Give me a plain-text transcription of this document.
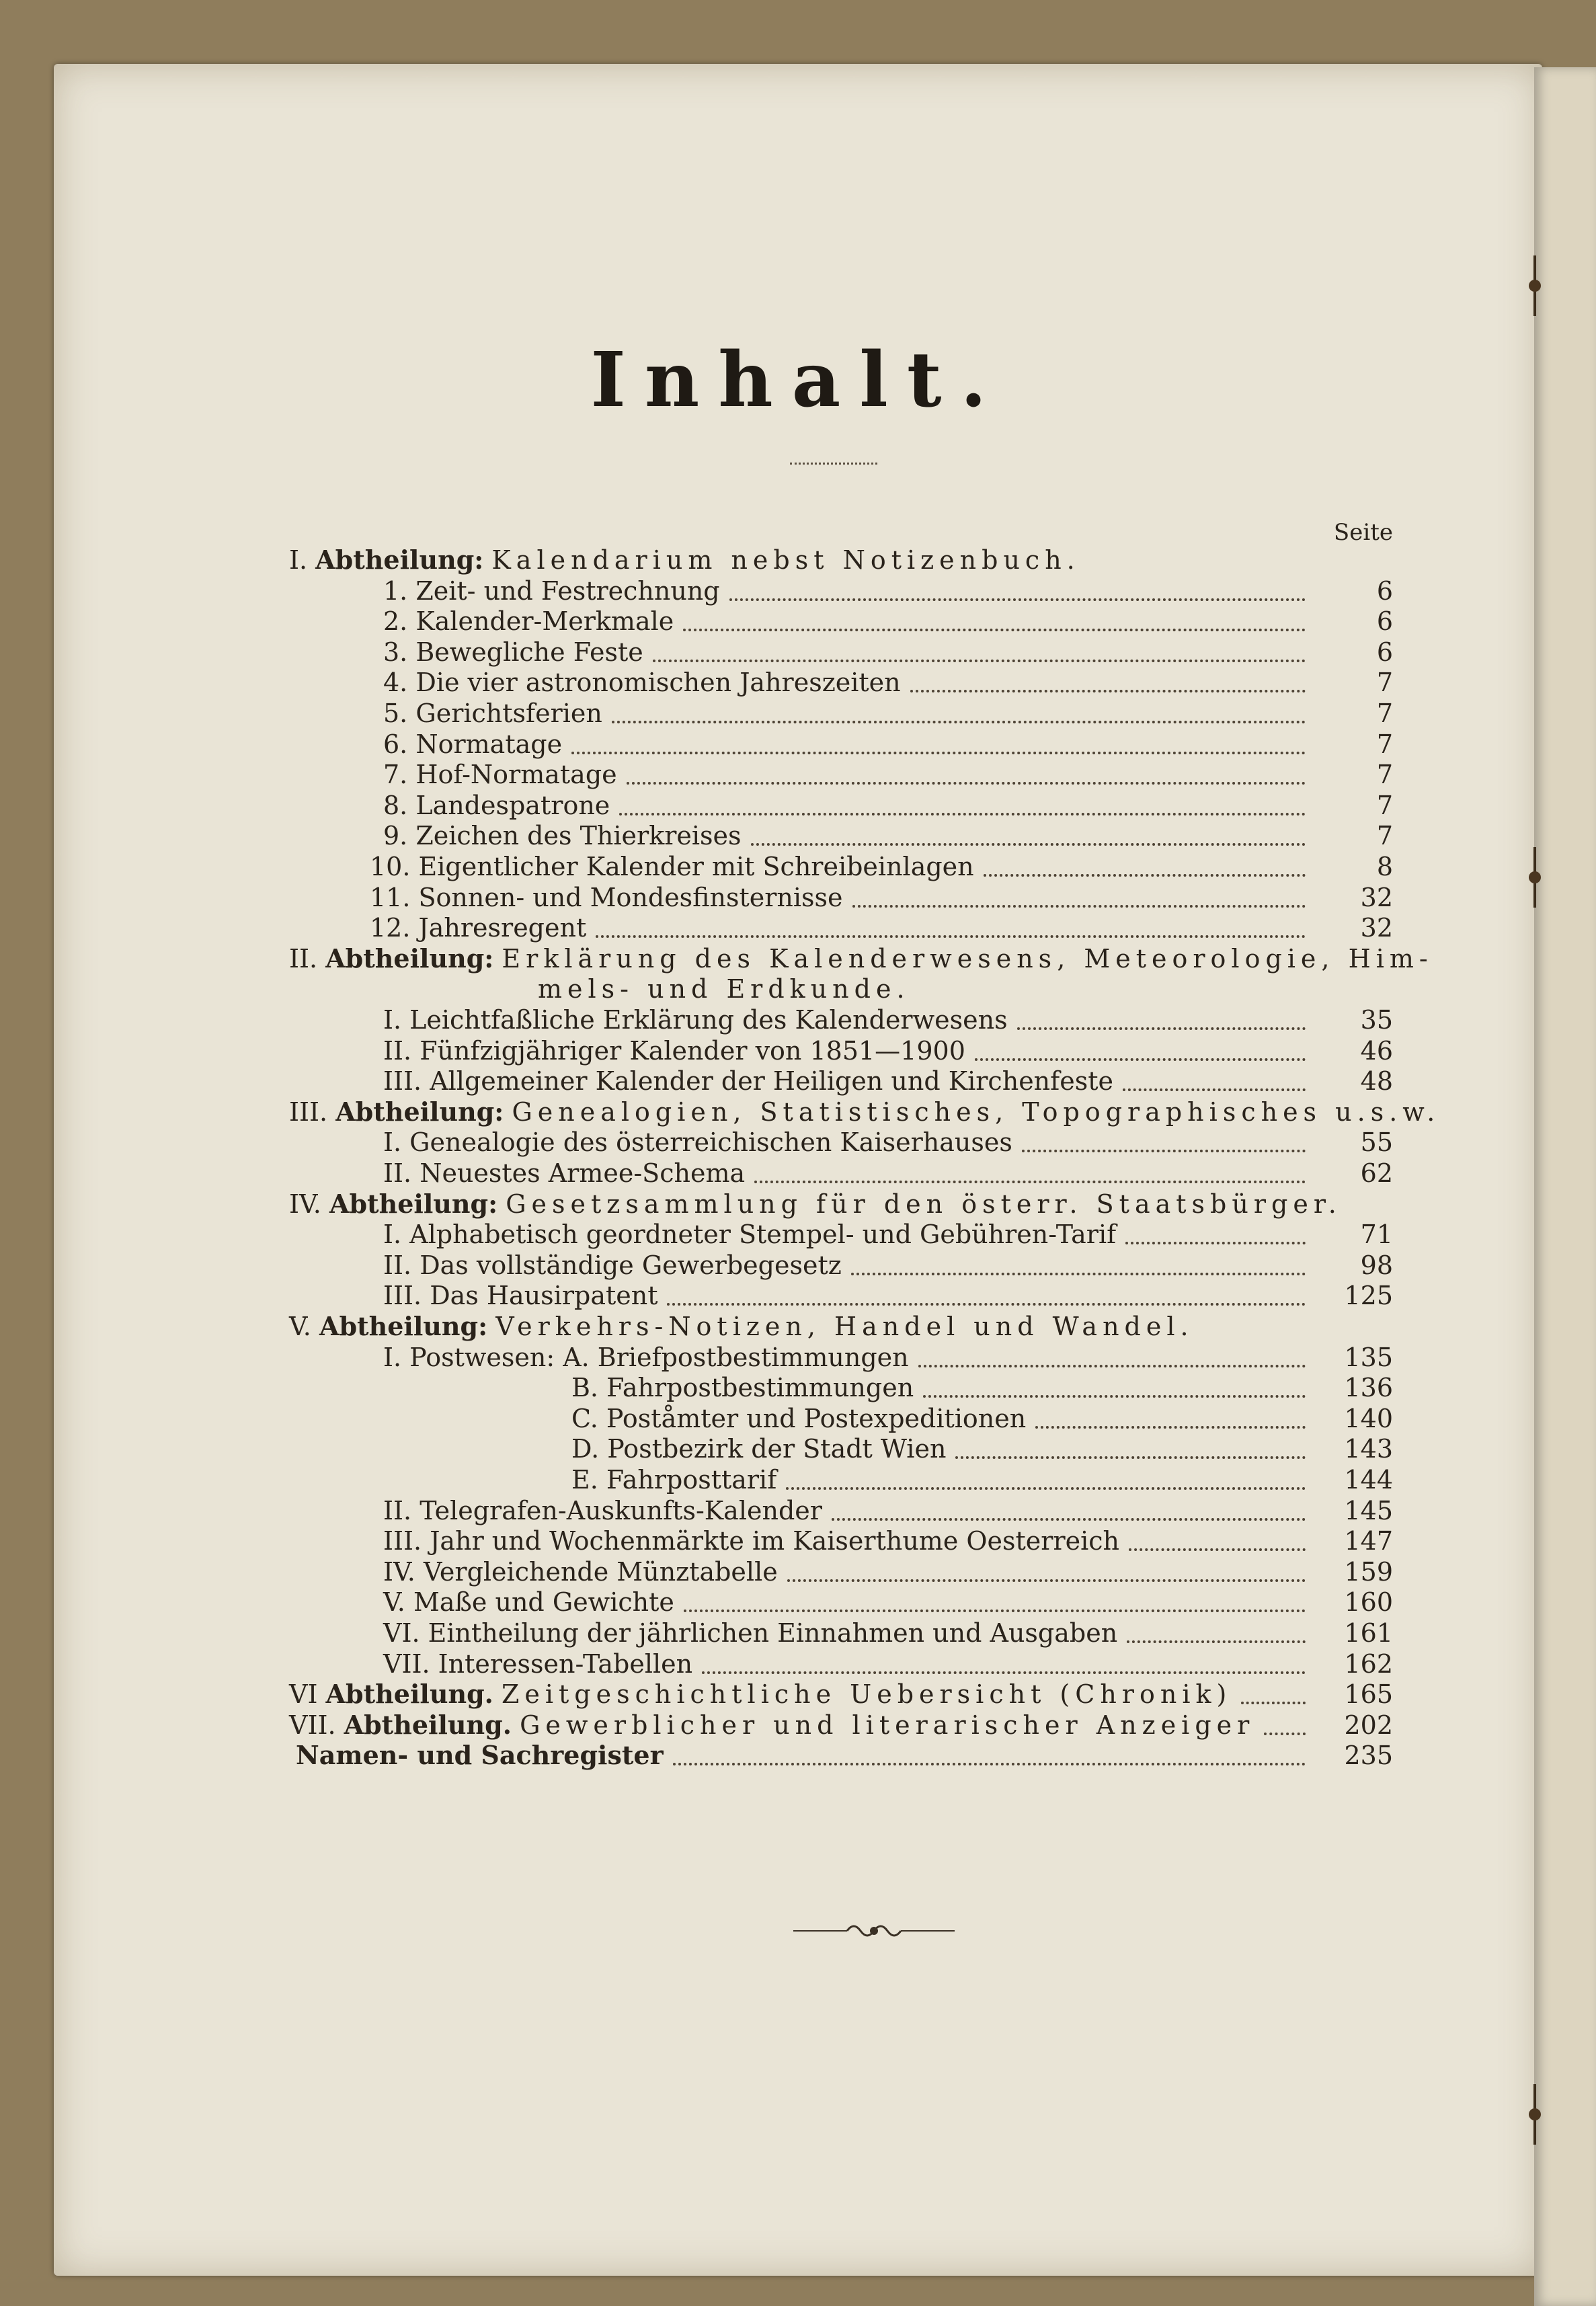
Inhalt.
Seite
I. Abtheilung: Kalendarium nebst Notizenbuch.
1. Zeit- und Festrechnung	6
2. Kalender-Merkmale	6
3. Bewegliche Feste	6
4. Die vier astronomischen Jahreszeiten	7
5. Gerichtsferien	7
6. Normatage	7
7. Hof-Normatage	7
8. Landespatrone	7
9. Zeichen des Thierkreises	7
10. Eigentlicher Kalender mit Schreibeinlagen	8
11. Sonnen- und Mondesfinsternisse	32
12. Jahresregent	32
II. Abtheilung: Erklärung des Kalenderwesens, Meteorologie, Him-
mels- und Erdkunde.
I. Leichtfaßliche Erklärung des Kalenderwesens	35
II. Fünfzigjähriger Kalender von 1851—1900	46
III. Allgemeiner Kalender der Heiligen und Kirchenfeste	48
III. Abtheilung: Genealogien, Statistisches, Topographisches u.s.w.
I. Genealogie des österreichischen Kaiserhauses	55
II. Neuestes Armee-Schema	62
IV. Abtheilung: Gesetzsammlung für den österr. Staatsbürger.
I. Alphabetisch geordneter Stempel- und Gebühren-Tarif	71
II. Das vollständige Gewerbegesetz	98
III. Das Hausirpatent	125
V. Abtheilung: Verkehrs-Notizen, Handel und Wandel.
I. Postwesen: A. Briefpostbestimmungen	135
B. Fahrpostbestimmungen	136
C. Poståmter und Postexpeditionen	140
D. Postbezirk der Stadt Wien	143
E. Fahrposttarif	144
II. Telegrafen-Auskunfts-Kalender	145
III. Jahr und Wochenmärkte im Kaiserthume Oesterreich	147
IV. Vergleichende Münztabelle	159
V. Maße und Gewichte	160
VI. Eintheilung der jährlichen Einnahmen und Ausgaben	161
VII. Interessen-Tabellen	162
VI Abtheilung. Zeitgeschichtliche Uebersicht (Chronik)	165
VII. Abtheilung. Gewerblicher und literarischer Anzeiger	202
Namen- und Sachregister	235
